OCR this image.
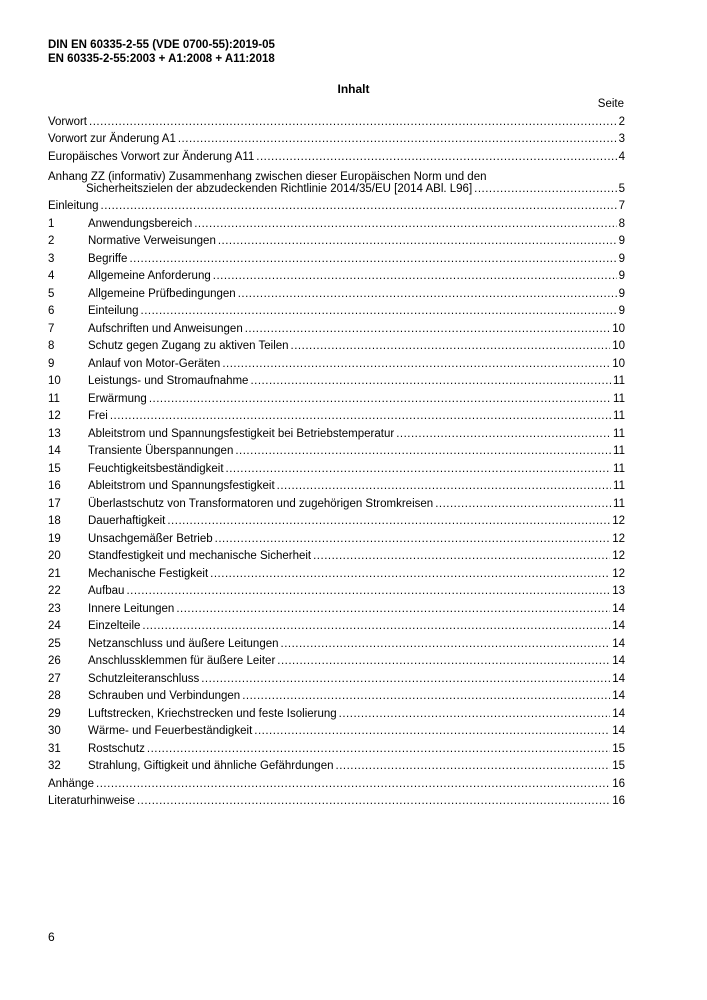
DIN EN 60335-2-55 (VDE 0700-55):2019-05
EN 60335-2-55:2003 + A1:2008 + A11:2018
Inhalt
Seite
Vorwort .....	2
Vorwort zur Änderung A1 .....	3
Europäisches Vorwort zur Änderung A11 .....	4
Anhang ZZ (informativ) Zusammenhang zwischen dieser Europäischen Norm und den
Sicherheitszielen der abzudeckenden Richtlinie 2014/35/EU [2014 ABl. L96] .....	5
Einleitung .....	7
1	Anwendungsbereich .....	8
2	Normative Verweisungen .....	9
3	Begriffe .....	9
4	Allgemeine Anforderung .....	9
5	Allgemeine Prüfbedingungen .....	9
6	Einteilung .....	9
7	Aufschriften und Anweisungen .....	10
8	Schutz gegen Zugang zu aktiven Teilen .....	10
9	Anlauf von Motor-Geräten .....	10
10	Leistungs- und Stromaufnahme .....	11
11	Erwärmung .....	11
12	Frei .....	11
13	Ableitstrom und Spannungsfestigkeit bei Betriebstemperatur .....	11
14	Transiente Überspannungen .....	11
15	Feuchtigkeitsbeständigkeit .....	11
16	Ableitstrom und Spannungsfestigkeit .....	11
17	Überlastschutz von Transformatoren und zugehörigen Stromkreisen .....	11
18	Dauerhaftigkeit .....	12
19	Unsachgemäßer Betrieb .....	12
20	Standfestigkeit und mechanische Sicherheit .....	12
21	Mechanische Festigkeit .....	12
22	Aufbau .....	13
23	Innere Leitungen .....	14
24	Einzelteile .....	14
25	Netzanschluss und äußere Leitungen .....	14
26	Anschlussklemmen für äußere Leiter .....	14
27	Schutzleiteranschluss .....	14
28	Schrauben und Verbindungen .....	14
29	Luftstrecken, Kriechstrecken und feste Isolierung .....	14
30	Wärme- und Feuerbeständigkeit .....	14
31	Rostschutz .....	15
32	Strahlung, Giftigkeit und ähnliche Gefährdungen .....	15
Anhänge .....	16
Literaturhinweise .....	16
6
